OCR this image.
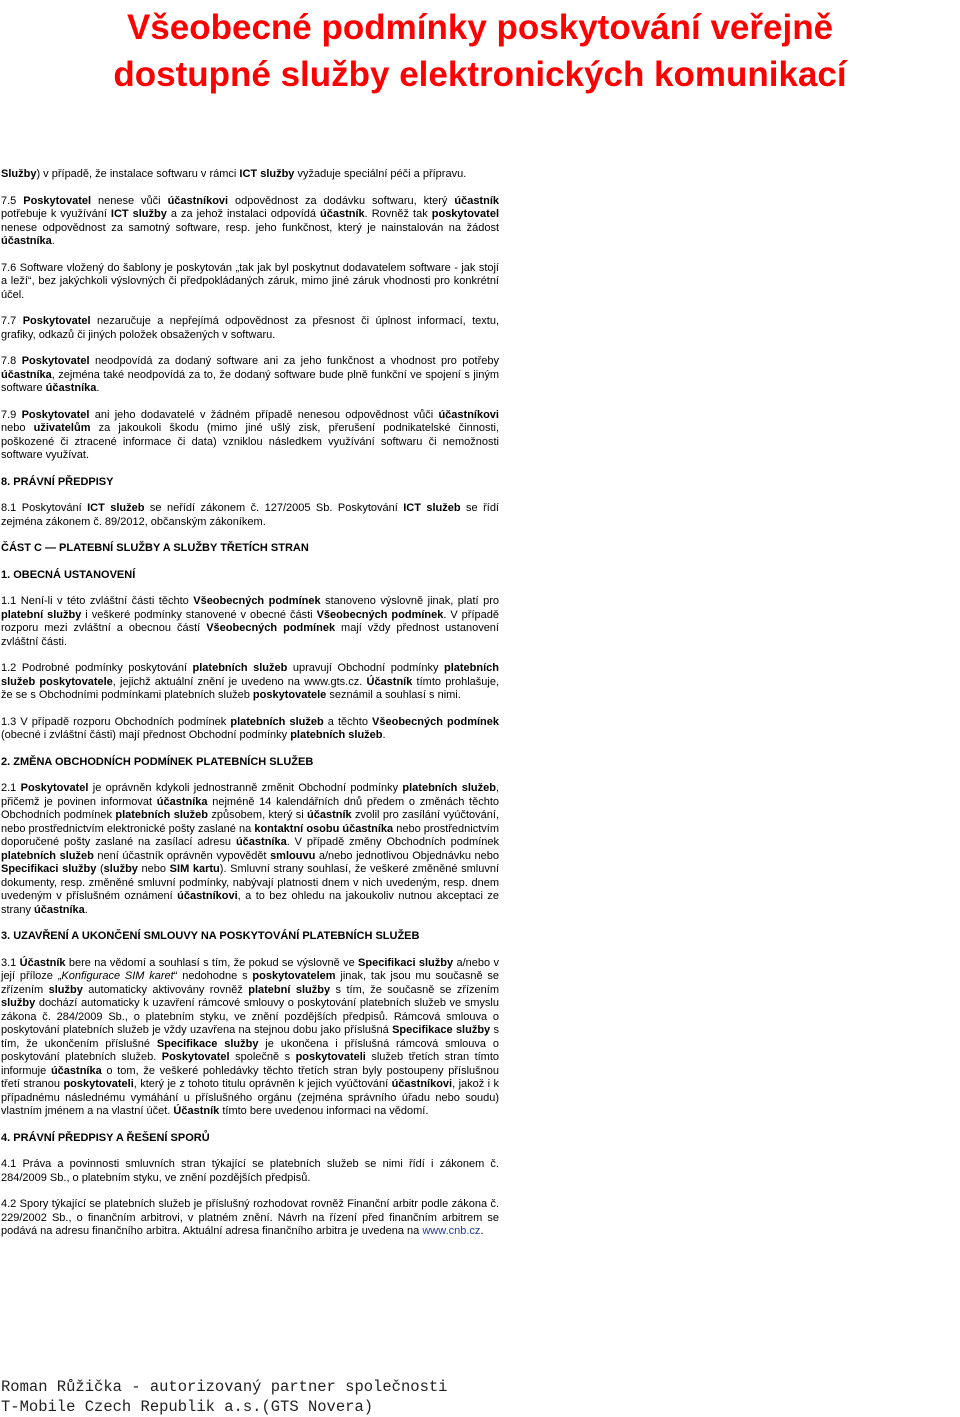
Všeobecné podmínky poskytování veřejně
dostupné služby elektronických komunikací

Služby) v případě, že instalace softwaru v rámci ICT služby vyžaduje speciální péči a přípravu.

7.5 Poskytovatel nenese vůči účastníkovi odpovědnost za dodávku softwaru, který účastník potřebuje k využívání ICT služby a za jehož instalaci odpovídá účastník. Rovněž tak poskytovatel nenese odpovědnost za samotný software, resp. jeho funkčnost, který je nainstalován na žádost účastníka.

7.6 Software vložený do šablony je poskytován „tak jak byl poskytnut dodavatelem software - jak stojí a leží“, bez jakýchkoli výslovných či předpokládaných záruk, mimo jiné záruk vhodnosti pro konkrétní účel.

7.7 Poskytovatel nezaručuje a nepřejímá odpovědnost za přesnost či úplnost informací, textu, grafiky, odkazů či jiných položek obsažených v softwaru.

7.8 Poskytovatel neodpovídá za dodaný software ani za jeho funkčnost a vhodnost pro potřeby účastníka, zejména také neodpovídá za to, že dodaný software bude plně funkční ve spojení s jiným software účastníka.

7.9 Poskytovatel ani jeho dodavatelé v žádném případě nenesou odpovědnost vůči účastníkovi nebo uživatelům za jakoukoli škodu (mimo jiné ušlý zisk, přerušení podnikatelské činnosti, poškozené či ztracené informace či data) vzniklou následkem využívání softwaru či nemožnosti software využívat.

8. PRÁVNÍ PŘEDPISY

8.1 Poskytování ICT služeb se neřídí zákonem č. 127/2005 Sb. Poskytování ICT služeb se řídí zejména zákonem č. 89/2012, občanským zákoníkem.

ČÁST C — PLATEBNÍ SLUŽBY A SLUŽBY TŘETÍCH STRAN

1. OBECNÁ USTANOVENÍ

1.1 Není-li v této zvláštní části těchto Všeobecných podmínek stanoveno výslovně jinak, platí pro platební služby i veškeré podmínky stanovené v obecné části Všeobecných podmínek. V případě rozporu mezi zvláštní a obecnou částí Všeobecných podmínek mají vždy přednost ustanovení zvláštní části.

1.2 Podrobné podmínky poskytování platebních služeb upravují Obchodní podmínky platebních služeb poskytovatele, jejichž aktuální znění je uvedeno na www.gts.cz. Účastník tímto prohlašuje, že se s Obchodními podmínkami platebních služeb poskytovatele seznámil a souhlasí s nimi.

1.3 V případě rozporu Obchodních podmínek platebních služeb a těchto Všeobecných podmínek (obecné i zvláštní části) mají přednost Obchodní podmínky platebních služeb.

2. ZMĚNA OBCHODNÍCH PODMÍNEK PLATEBNÍCH SLUŽEB

2.1 Poskytovatel je oprávněn kdykoli jednostranně změnit Obchodní podmínky platebních služeb, přičemž je povinen informovat účastníka nejméně 14 kalendářních dnů předem o změnách těchto Obchodních podmínek platebních služeb způsobem, který si účastník zvolil pro zasílání vyúčtování, nebo prostřednictvím elektronické pošty zaslané na kontaktní osobu účastníka nebo prostřednictvím doporučené pošty zaslané na zasílací adresu účastníka. V případě změny Obchodních podmínek platebních služeb není účastník oprávněn vypovědět smlouvu a/nebo jednotlivou Objednávku nebo Specifikaci služby (služby nebo SIM kartu). Smluvní strany souhlasí, že veškeré změněné smluvní dokumenty, resp. změněné smluvní podmínky, nabývají platnosti dnem v nich uvedeným, resp. dnem uvedeným v příslušném oznámení účastníkovi, a to bez ohledu na jakoukoliv nutnou akceptaci ze strany účastníka.

3. UZAVŘENÍ A UKONČENÍ SMLOUVY NA POSKYTOVÁNÍ PLATEBNÍCH SLUŽEB

3.1 Účastník bere na vědomí a souhlasí s tím, že pokud se výslovně ve Specifikaci služby a/nebo v její příloze „Konfigurace SIM karet“ nedohodne s poskytovatelem jinak, tak jsou mu současně se zřízením služby automaticky aktivovány rovněž platební služby s tím, že současně se zřízením služby dochází automaticky k uzavření rámcové smlouvy o poskytování platebních služeb ve smyslu zákona č. 284/2009 Sb., o platebním styku, ve znění pozdějších předpisů. Rámcová smlouva o poskytování platebních služeb je vždy uzavřena na stejnou dobu jako příslušná Specifikace služby s tím, že ukončením příslušné Specifikace služby je ukončena i příslušná rámcová smlouva o poskytování platebních služeb. Poskytovatel společně s poskytovateli služeb třetích stran tímto informuje účastníka o tom, že veškeré pohledávky těchto třetích stran byly postoupeny příslušnou třetí stranou poskytovateli, který je z tohoto titulu oprávněn k jejich vyúčtování účastníkovi, jakož i k případnému následnému vymáhání u příslušného orgánu (zejména správního úřadu nebo soudu) vlastním jménem a na vlastní účet. Účastník tímto bere uvedenou informaci na vědomí.

4. PRÁVNÍ PŘEDPISY A ŘEŠENÍ SPORŮ

4.1 Práva a povinnosti smluvních stran týkající se platebních služeb se nimi řídí i zákonem č. 284/2009 Sb., o platebním styku, ve znění pozdějších předpisů.

4.2 Spory týkající se platebních služeb je příslušný rozhodovat rovněž Finanční arbitr podle zákona č. 229/2002 Sb., o finančním arbitrovi, v platném znění. Návrh na řízení před finančním arbitrem se podává na adresu finančního arbitra. Aktuální adresa finančního arbitra je uvedena na www.cnb.cz.

Roman Růžička - autorizovaný partner společnosti
T-Mobile Czech Republik a.s.(GTS Novera)
